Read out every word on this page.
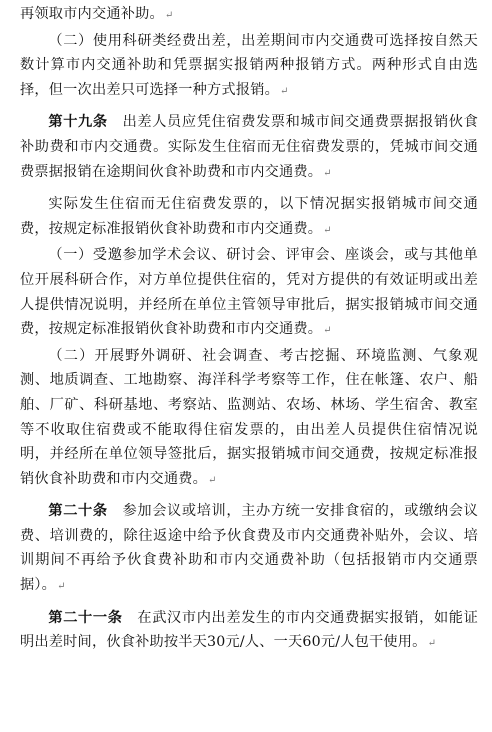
再领取市内交通补助。↵

（二）使用科研类经费出差，出差期间市内交通费可选择按自然天数计算市内交通补助和凭票据实报销两种报销方式。两种形式自由选择，但一次出差只可选择一种方式报销。↵

第十九条　 出差人员应凭住宿费发票和城市间交通费票据报销伙食补助费和市内交通费。实际发生住宿而无住宿费发票的，凭城市间交通费票据报销在途期间伙食补助费和市内交通费。↵

实际发生住宿而无住宿费发票的，以下情况据实报销城市间交通费，按规定标准报销伙食补助费和市内交通费。↵

（一）受邀参加学术会议、研讨会、评审会、座谈会，或与其他单位开展科研合作，对方单位提供住宿的，凭对方提供的有效证明或出差人提供情况说明，并经所在单位主管领导审批后，据实报销城市间交通费，按规定标准报销伙食补助费和市内交通费。↵

（二）开展野外调研、社会调查、考古挖掘、环境监测、气象观测、地质调查、工地勘察、海洋科学考察等工作，住在帐篷、农户、船舶、厂矿、科研基地、考察站、监测站、农场、林场、学生宿舍、教室等不收取住宿费或不能取得住宿发票的，由出差人员提供住宿情况说明，并经所在单位领导签批后，据实报销城市间交通费，按规定标准报销伙食补助费和市内交通费。↵

第二十条　 参加会议或培训，主办方统一安排食宿的，或缴纳会议费、培训费的，除往返途中给予伙食费及市内交通费补贴外，会议、培训期间不再给予伙食费补助和市内交通费补助（包括报销市内交通票据）。↵

第二十一条　 在武汉市内出差发生的市内交通费据实报销，如能证明出差时间，伙食补助按半天30元/人、一天60元/人包干使用。↵
